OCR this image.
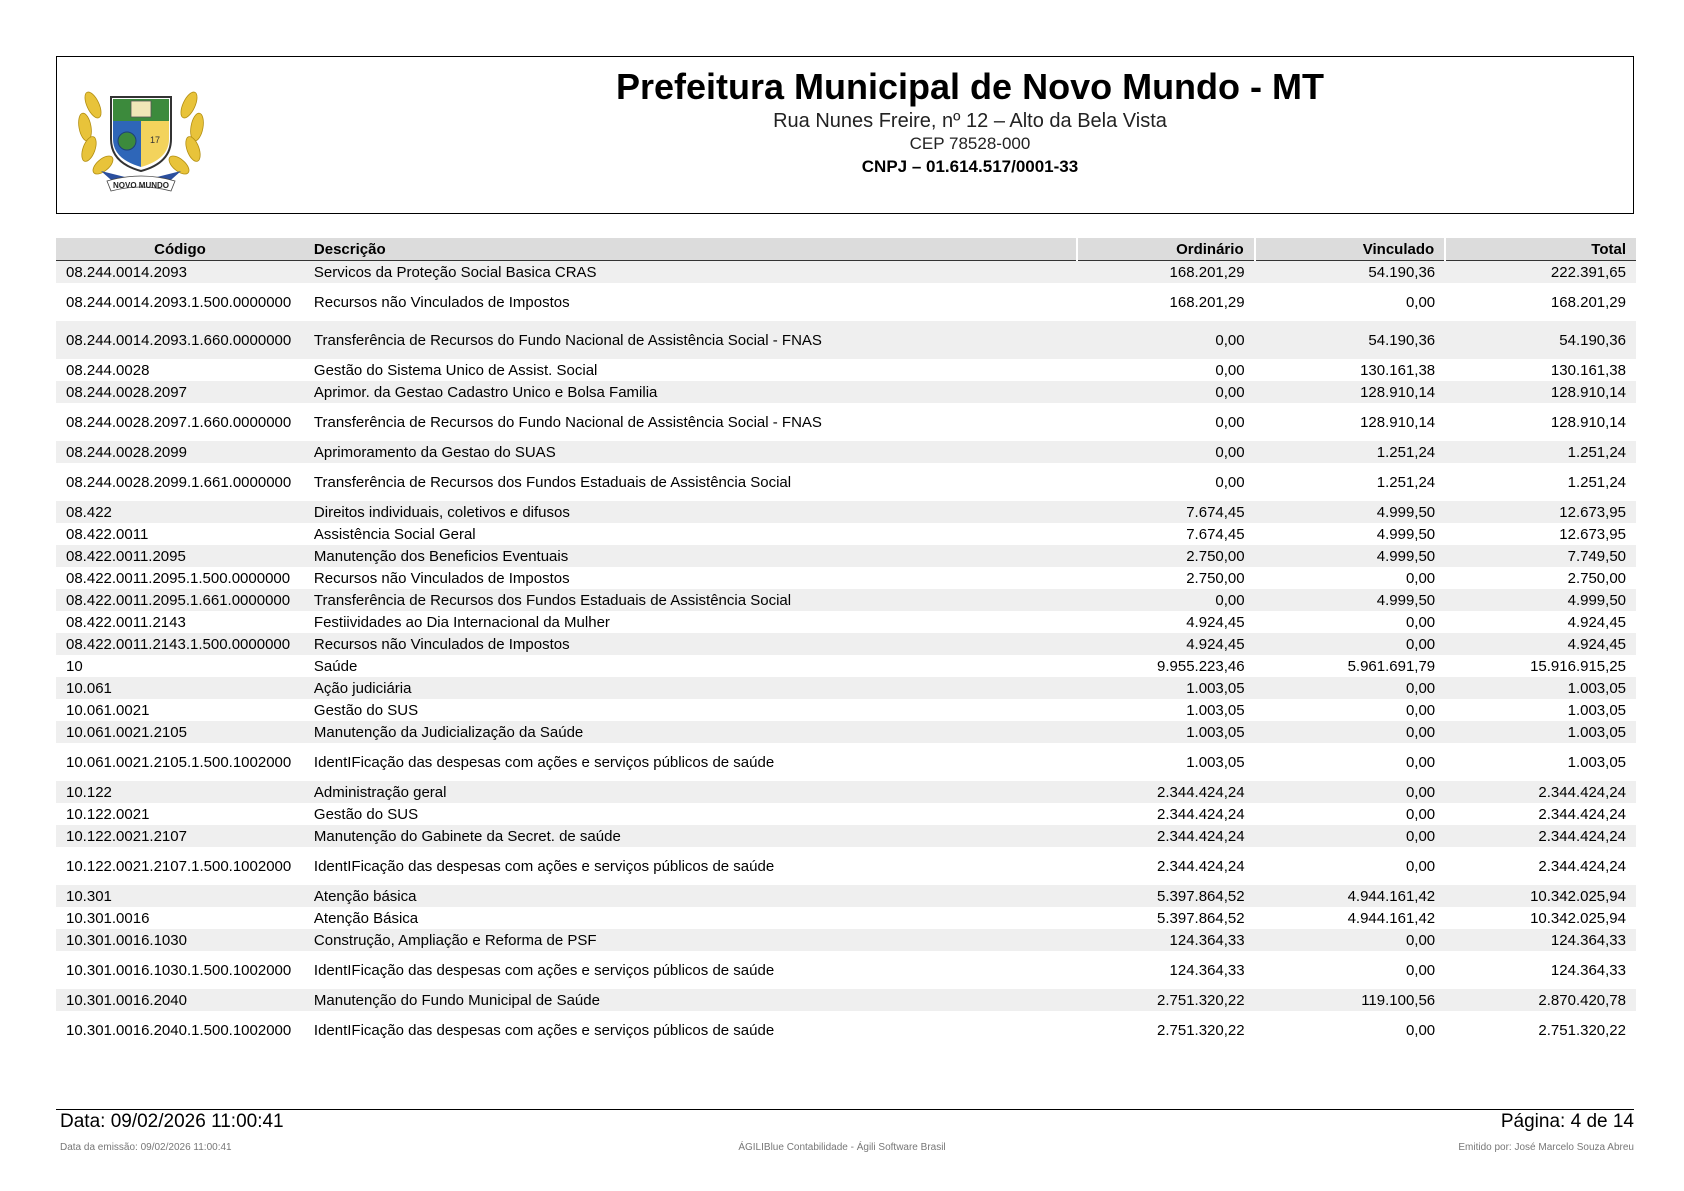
17
NOVO MUNDO
Prefeitura Municipal de Novo Mundo - MT
Rua Nunes Freire, nº 12 – Alto da Bela Vista
CEP 78528-000
CNPJ – 01.614.517/0001-33
Código	Descrição	Ordinário	Vinculado	Total
08.244.0014.2093	Servicos da Proteção Social Basica CRAS	168.201,29	54.190,36	222.391,65
08.244.0014.2093.1.500.0000000	Recursos não Vinculados de Impostos	168.201,29	0,00	168.201,29
08.244.0014.2093.1.660.0000000	Transferência de Recursos do Fundo Nacional de Assistência Social - FNAS	0,00	54.190,36	54.190,36
08.244.0028	Gestão do Sistema Unico de Assist. Social	0,00	130.161,38	130.161,38
08.244.0028.2097	Aprimor. da Gestao Cadastro Unico e Bolsa Familia	0,00	128.910,14	128.910,14
08.244.0028.2097.1.660.0000000	Transferência de Recursos do Fundo Nacional de Assistência Social - FNAS	0,00	128.910,14	128.910,14
08.244.0028.2099	Aprimoramento da Gestao do SUAS	0,00	1.251,24	1.251,24
08.244.0028.2099.1.661.0000000	Transferência de Recursos dos Fundos Estaduais de Assistência Social	0,00	1.251,24	1.251,24
08.422	Direitos individuais, coletivos e difusos	7.674,45	4.999,50	12.673,95
08.422.0011	Assistência Social Geral	7.674,45	4.999,50	12.673,95
08.422.0011.2095	Manutenção dos Beneficios Eventuais	2.750,00	4.999,50	7.749,50
08.422.0011.2095.1.500.0000000	Recursos não Vinculados de Impostos	2.750,00	0,00	2.750,00
08.422.0011.2095.1.661.0000000	Transferência de Recursos dos Fundos Estaduais de Assistência Social	0,00	4.999,50	4.999,50
08.422.0011.2143	Festiividades ao Dia Internacional da Mulher	4.924,45	0,00	4.924,45
08.422.0011.2143.1.500.0000000	Recursos não Vinculados de Impostos	4.924,45	0,00	4.924,45
10	Saúde	9.955.223,46	5.961.691,79	15.916.915,25
10.061	Ação judiciária	1.003,05	0,00	1.003,05
10.061.0021	Gestão do SUS	1.003,05	0,00	1.003,05
10.061.0021.2105	Manutenção da Judicialização da Saúde	1.003,05	0,00	1.003,05
10.061.0021.2105.1.500.1002000	IdentIFicação das despesas com ações e serviços públicos de saúde	1.003,05	0,00	1.003,05
10.122	Administração geral	2.344.424,24	0,00	2.344.424,24
10.122.0021	Gestão do SUS	2.344.424,24	0,00	2.344.424,24
10.122.0021.2107	Manutenção do Gabinete da Secret. de saúde	2.344.424,24	0,00	2.344.424,24
10.122.0021.2107.1.500.1002000	IdentIFicação das despesas com ações e serviços públicos de saúde	2.344.424,24	0,00	2.344.424,24
10.301	Atenção básica	5.397.864,52	4.944.161,42	10.342.025,94
10.301.0016	Atenção Básica	5.397.864,52	4.944.161,42	10.342.025,94
10.301.0016.1030	Construção, Ampliação e Reforma de PSF	124.364,33	0,00	124.364,33
10.301.0016.1030.1.500.1002000	IdentIFicação das despesas com ações e serviços públicos de saúde	124.364,33	0,00	124.364,33
10.301.0016.2040	Manutenção do Fundo Municipal de Saúde	2.751.320,22	119.100,56	2.870.420,78
10.301.0016.2040.1.500.1002000	IdentIFicação das despesas com ações e serviços públicos de saúde	2.751.320,22	0,00	2.751.320,22
Data: 09/02/2026 11:00:41	Página: 4 de 14
Data da emissão: 09/02/2026 11:00:41	ÁGILIBlue Contabilidade - Ágili Software Brasil	Emitido por: José Marcelo Souza Abreu
